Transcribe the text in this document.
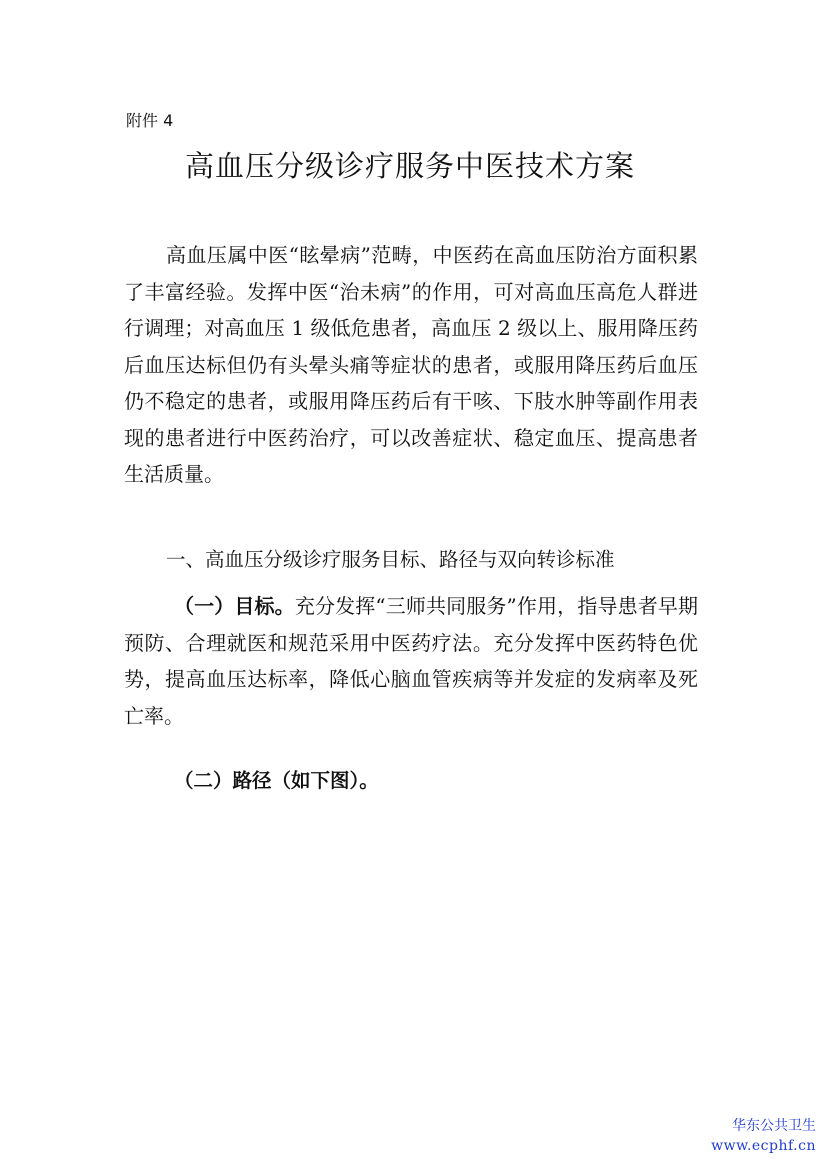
附件 4
高血压分级诊疗服务中医技术方案
高血压属中医“眩晕病”范畴，中医药在高血压防治方面积累了丰富经验。发挥中医“治未病”的作用，可对高血压高危人群进行调理；对高血压 1 级低危患者，高血压 2 级以上、服用降压药后血压达标但仍有头晕头痛等症状的患者，或服用降压药后血压仍不稳定的患者，或服用降压药后有干咳、下肢水肿等副作用表现的患者进行中医药治疗，可以改善症状、稳定血压、提高患者生活质量。
一、高血压分级诊疗服务目标、路径与双向转诊标准
（一）目标。充分发挥“三师共同服务”作用，指导患者早期预防、合理就医和规范采用中医药疗法。充分发挥中医药特色优势，提高血压达标率，降低心脑血管疾病等并发症的发病率及死亡率。
（二）路径（如下图）。
华东公共卫生
www.ecphf.cn
